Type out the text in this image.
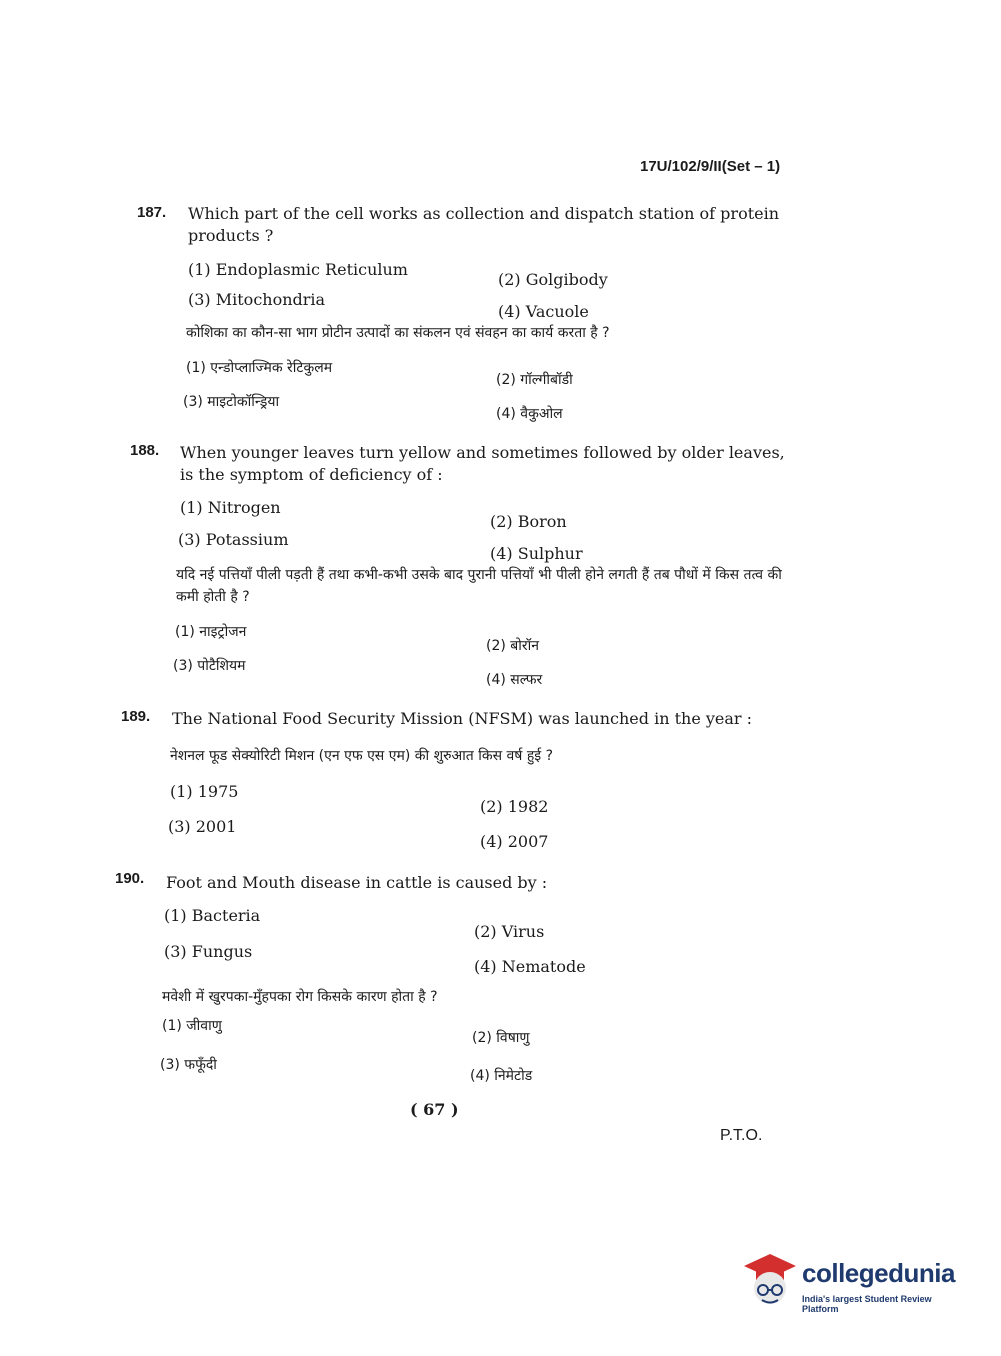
17U/102/9/II(Set – 1)
187. Which part of the cell works as collection and dispatch station of protein products ?
(1) Endoplasmic Reticulum
(2) Golgibody
(3) Mitochondria
(4) Vacuole
कोशिका का कौन-सा भाग प्रोटीन उत्पादों का संकलन एवं संवहन का कार्य करता है ?
(1) एन्डोप्लाज्मिक रेटिकुलम
(2) गॉल्गीबॉडी
(3) माइटोकॉन्ड्रिया
(4) वैकुओल
188. When younger leaves turn yellow and sometimes followed by older leaves, is the symptom of deficiency of :
(1) Nitrogen
(2) Boron
(3) Potassium
(4) Sulphur
यदि नई पत्तियाँ पीली पड़ती हैं तथा कभी-कभी उसके बाद पुरानी पत्तियाँ भी पीली होने लगती हैं तब पौधों में किस तत्व की कमी होती है ?
(1) नाइट्रोजन
(2) बोरॉन
(3) पोटैशियम
(4) सल्फर
189. The National Food Security Mission (NFSM) was launched in the year :
नेशनल फूड सेक्योरिटी मिशन (एन एफ एस एम) की शुरुआत किस वर्ष हुई ?
(1) 1975
(2) 1982
(3) 2001
(4) 2007
190. Foot and Mouth disease in cattle is caused by :
(1) Bacteria
(2) Virus
(3) Fungus
(4) Nematode
मवेशी में खुरपका-मुँहपका रोग किसके कारण होता है ?
(1) जीवाणु
(2) विषाणु
(3) फफूँदी
(4) निमेटोड
( 67 )
P.T.O.
collegedunia
India's largest Student Review Platform
